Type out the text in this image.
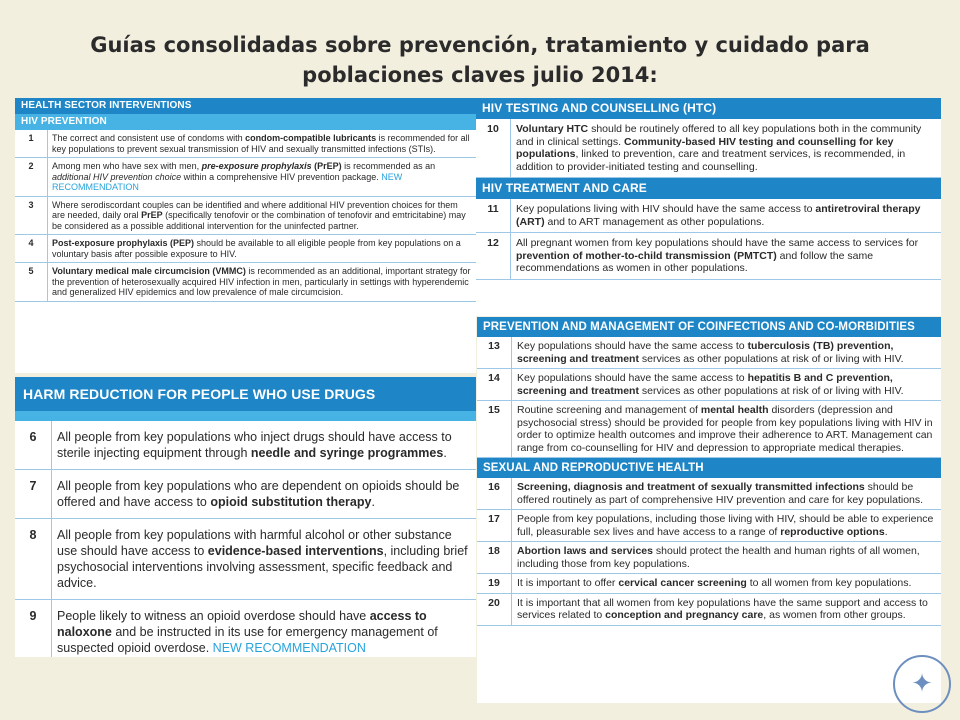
Guías consolidadas sobre prevención, tratamiento y cuidado para
poblaciones claves julio 2014:
HEALTH SECTOR INTERVENTIONS
HIV PREVENTION
1	The correct and consistent use of condoms with condom-compatible lubricants is recommended for all key populations to prevent sexual transmission of HIV and sexually transmitted infections (STIs).
2	Among men who have sex with men, pre-exposure prophylaxis (PrEP) is recommended as an additional HIV prevention choice within a comprehensive HIV prevention package. NEW RECOMMENDATION
3	Where serodiscordant couples can be identified and where additional HIV prevention choices for them are needed, daily oral PrEP (specifically tenofovir or the combination of tenofovir and emtricitabine) may be considered as a possible additional intervention for the uninfected partner.
4	Post-exposure prophylaxis (PEP) should be available to all eligible people from key populations on a voluntary basis after possible exposure to HIV.
5	Voluntary medical male circumcision (VMMC) is recommended as an additional, important strategy for the prevention of heterosexually acquired HIV infection in men, particularly in settings with hyperendemic and generalized HIV epidemics and low prevalence of male circumcision.
HARM REDUCTION FOR PEOPLE WHO USE DRUGS
6	All people from key populations who inject drugs should have access to sterile injecting equipment through needle and syringe programmes.
7	All people from key populations who are dependent on opioids should be offered and have access to opioid substitution therapy.
8	All people from key populations with harmful alcohol or other substance use should have access to evidence-based interventions, including brief psychosocial interventions involving assessment, specific feedback and advice.
9	People likely to witness an opioid overdose should have access to naloxone and be instructed in its use for emergency management of suspected opioid overdose. NEW RECOMMENDATION
HIV TESTING AND COUNSELLING (HTC)
10	Voluntary HTC should be routinely offered to all key populations both in the community and in clinical settings. Community-based HIV testing and counselling for key populations, linked to prevention, care and treatment services, is recommended, in addition to provider-initiated testing and counselling.
HIV TREATMENT AND CARE
11	Key populations living with HIV should have the same access to antiretroviral therapy (ART) and to ART management as other populations.
12	All pregnant women from key populations should have the same access to services for prevention of mother-to-child transmission (PMTCT) and follow the same recommendations as women in other populations.
PREVENTION AND MANAGEMENT OF COINFECTIONS AND CO-MORBIDITIES
13	Key populations should have the same access to tuberculosis (TB) prevention, screening and treatment services as other populations at risk of or living with HIV.
14	Key populations should have the same access to hepatitis B and C prevention, screening and treatment services as other populations at risk of or living with HIV.
15	Routine screening and management of mental health disorders (depression and psychosocial stress) should be provided for people from key populations living with HIV in order to optimize health outcomes and improve their adherence to ART. Management can range from co-counselling for HIV and depression to appropriate medical therapies.
SEXUAL AND REPRODUCTIVE HEALTH
16	Screening, diagnosis and treatment of sexually transmitted infections should be offered routinely as part of comprehensive HIV prevention and care for key populations.
17	People from key populations, including those living with HIV, should be able to experience full, pleasurable sex lives and have access to a range of reproductive options.
18	Abortion laws and services should protect the health and human rights of all women, including those from key populations.
19	It is important to offer cervical cancer screening to all women from key populations.
20	It is important that all women from key populations have the same support and access to services related to conception and pregnancy care, as women from other groups.
✦
